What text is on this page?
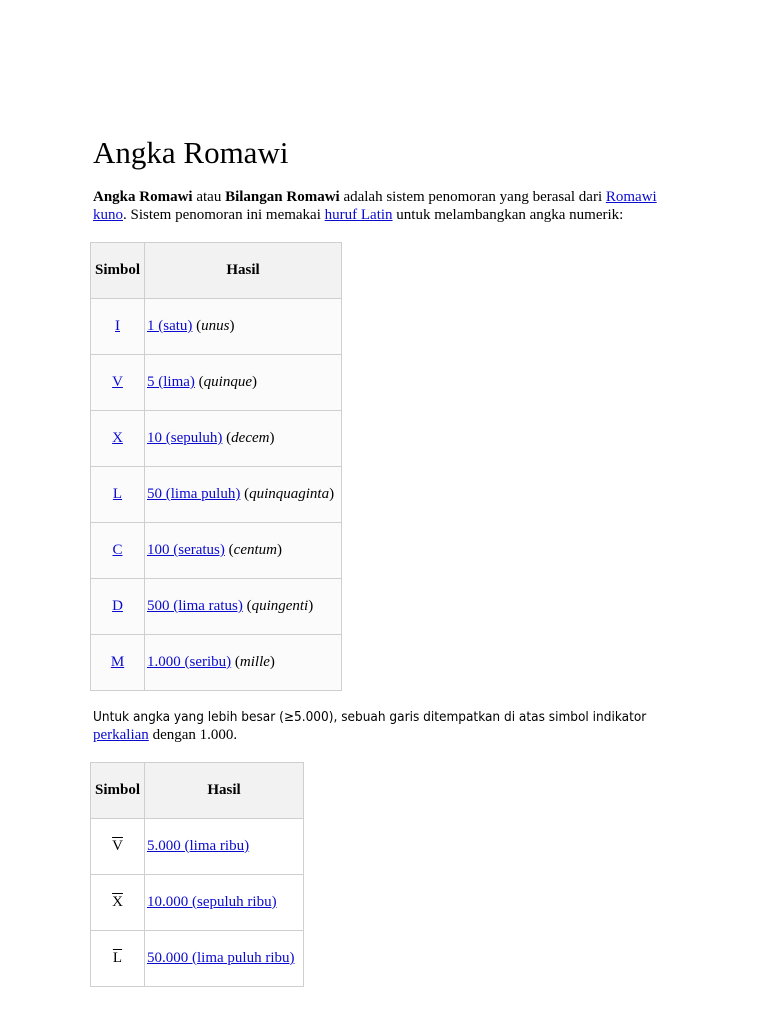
Angka Romawi
Angka Romawi atau Bilangan Romawi adalah sistem penomoran yang berasal dari Romawi kuno. Sistem penomoran ini memakai huruf Latin untuk melambangkan angka numerik:
Simbol	Hasil
I	1 (satu) (unus)
V	5 (lima) (quinque)
X	10 (sepuluh) (decem)
L	50 (lima puluh) (quinquaginta)
C	100 (seratus) (centum)
D	500 (lima ratus) (quingenti)
M	1.000 (seribu) (mille)
Untuk angka yang lebih besar (≥5.000), sebuah garis ditempatkan di atas simbol indikator perkalian dengan 1.000.
Simbol	Hasil
$\overline{V}$	5.000 (lima ribu)
$\overline{X}$	10.000 (sepuluh ribu)
$\overline{L}$	50.000 (lima puluh ribu)
